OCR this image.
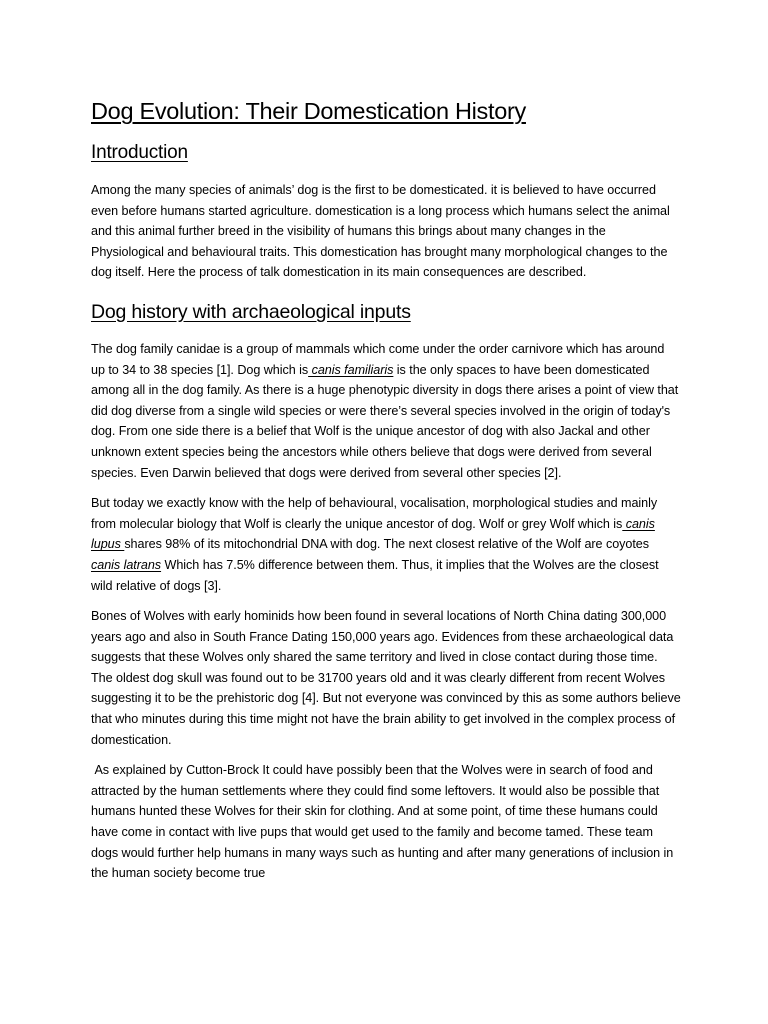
Dog Evolution: Their Domestication History
Introduction

Among the many species of animals’ dog is the first to be domesticated. it is believed to have occurred even before humans started agriculture. domestication is a long process which humans select the animal and this animal further breed in the visibility of humans this brings about many changes in the Physiological and behavioural traits. This domestication has brought many morphological changes to the dog itself. Here the process of talk domestication in its main consequences are described.

Dog history with archaeological inputs

The dog family canidae is a group of mammals which come under the order carnivore which has around up to 34 to 38 species [1]. Dog which is canis familiaris is the only spaces to have been domesticated among all in the dog family. As there is a huge phenotypic diversity in dogs there arises a point of view that did dog diverse from a single wild species or were there’s several species involved in the origin of today's dog. From one side there is a belief that Wolf is the unique ancestor of dog with also Jackal and other unknown extent species being the ancestors while others believe that dogs were derived from several species. Even Darwin believed that dogs were derived from several other species [2].

But today we exactly know with the help of behavioural, vocalisation, morphological studies and mainly from molecular biology that Wolf is clearly the unique ancestor of dog. Wolf or grey Wolf which is canis lupus shares 98% of its mitochondrial DNA with dog. The next closest relative of the Wolf are coyotes canis latrans Which has 7.5% difference between them. Thus, it implies that the Wolves are the closest wild relative of dogs [3].

Bones of Wolves with early hominids how been found in several locations of North China dating 300,000 years ago and also in South France Dating 150,000 years ago. Evidences from these archaeological data suggests that these Wolves only shared the same territory and lived in close contact during those time. The oldest dog skull was found out to be 31700 years old and it was clearly different from recent Wolves suggesting it to be the prehistoric dog [4]. But not everyone was convinced by this as some authors believe that who minutes during this time might not have the brain ability to get involved in the complex process of domestication.

As explained by Cutton-Brock It could have possibly been that the Wolves were in search of food and attracted by the human settlements where they could find some leftovers. It would also be possible that humans hunted these Wolves for their skin for clothing. And at some point, of time these humans could have come in contact with live pups that would get used to the family and become tamed. These team dogs would further help humans in many ways such as hunting and after many generations of inclusion in the human society become true
